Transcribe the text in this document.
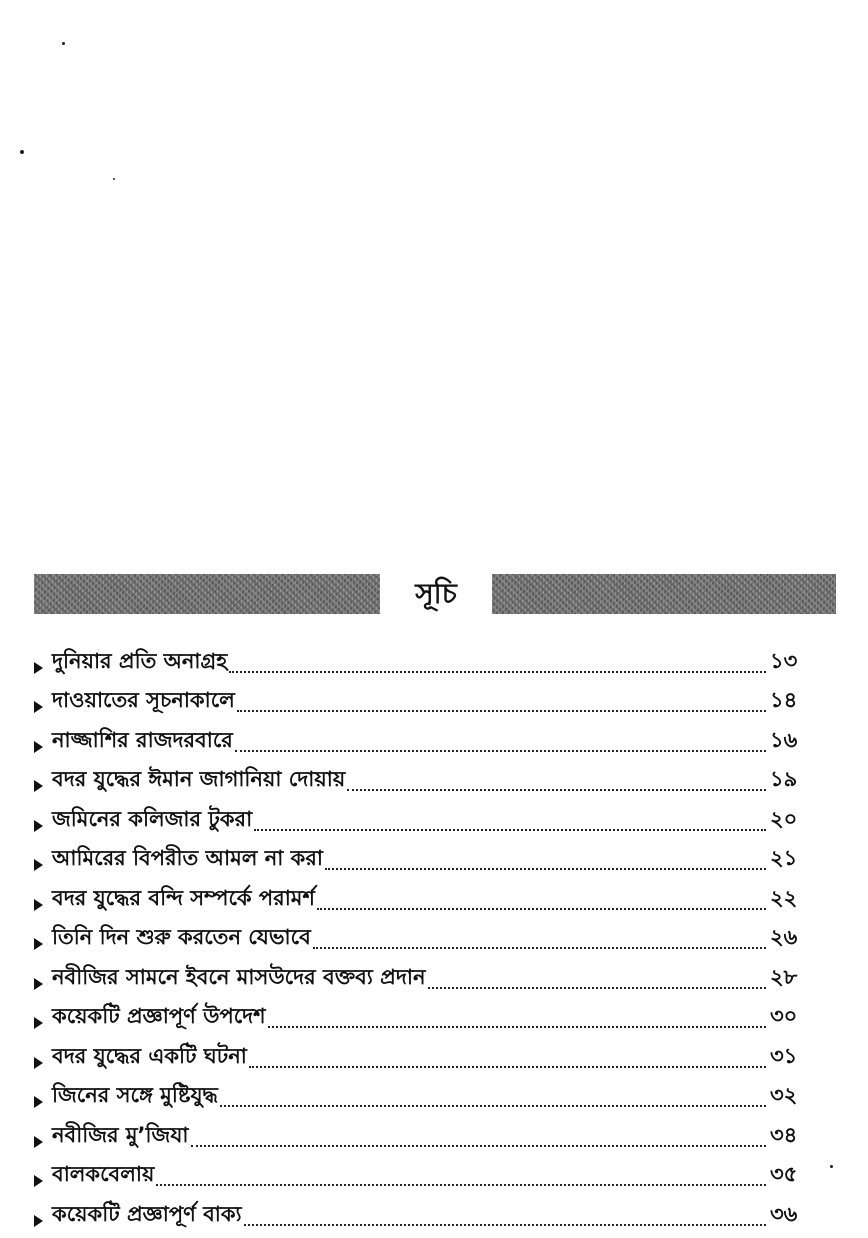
সূচি
দুনিয়ার প্রতি অনাগ্রহ	১৩
দাওয়াতের সূচনাকালে	১৪
নাজ্জাশির রাজদরবারে	১৬
বদর যুদ্ধের ঈমান জাগানিয়া দোয়ায়	১৯
জমিনের কলিজার টুকরা	২০
আমিরের বিপরীত আমল না করা	২১
বদর যুদ্ধের বন্দি সম্পর্কে পরামর্শ	২২
তিনি দিন শুরু করতেন যেভাবে	২৬
নবীজির সামনে ইবনে মাসউদের বক্তব্য প্রদান	২৮
কয়েকটি প্রজ্ঞাপূর্ণ উপদেশ	৩০
বদর যুদ্ধের একটি ঘটনা	৩১
জিনের সঙ্গে মুষ্টিযুদ্ধ	৩২
নবীজির মু’জিযা	৩৪
বালকবেলায়	৩৫
কয়েকটি প্রজ্ঞাপূর্ণ বাক্য	৩৬
